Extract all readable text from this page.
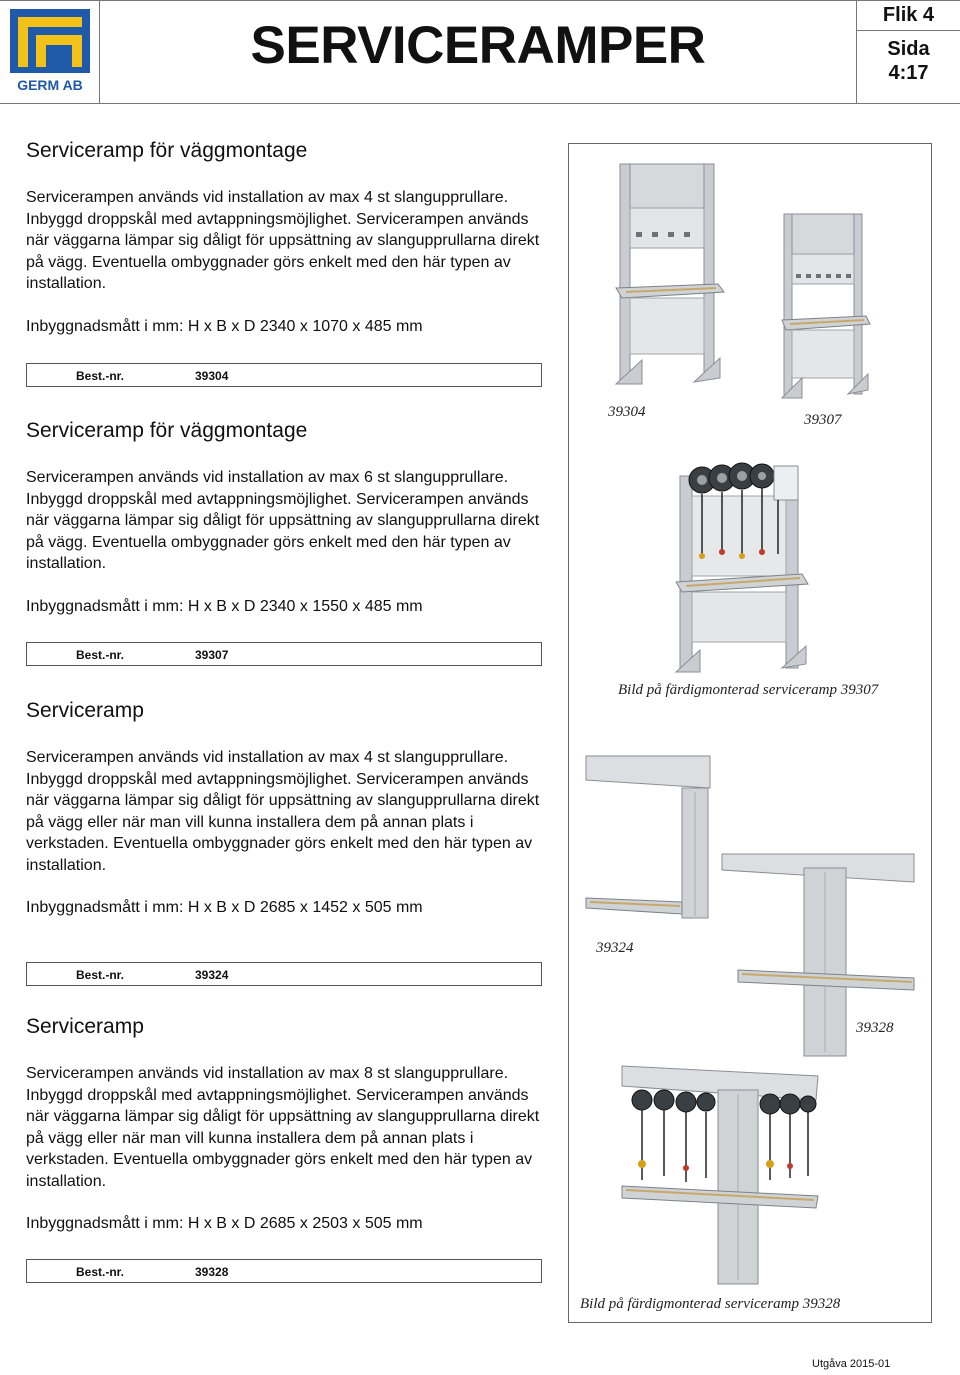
GERM AB
SERVICERAMPER
Flik 4
Sida
4:17
Serviceramp för väggmontage

Servicerampen används vid installation av max 4 st slangupprullare. Inbyggd droppskål med avtappningsmöjlighet. Servicerampen används när väggarna lämpar sig dåligt för uppsättning av slangupprullarna direkt på vägg. Eventuella ombyggnader görs enkelt med den här typen av installation.

Inbyggnadsmått i mm: H x B x D 2340 x 1070 x 485 mm

Best.-nr.	39304
Serviceramp för väggmontage

Servicerampen används vid installation av max 6 st slangupprullare. Inbyggd droppskål med avtappningsmöjlighet. Servicerampen används när väggarna lämpar sig dåligt för uppsättning av slangupprullarna direkt på vägg. Eventuella ombyggnader görs enkelt med den här typen av installation.

Inbyggnadsmått i mm: H x B x D 2340 x 1550 x 485 mm

Best.-nr.	39307
Serviceramp

Servicerampen används vid installation av max 4 st slangupprullare. Inbyggd droppskål med avtappningsmöjlighet. Servicerampen används när väggarna lämpar sig dåligt för uppsättning av slangupprullarna direkt på vägg eller när man vill kunna installera dem på annan plats i verkstaden. Eventuella ombyggnader görs enkelt med den här typen av installation.

Inbyggnadsmått i mm: H x B x D 2685 x 1452 x 505 mm

Best.-nr.	39324
Serviceramp

Servicerampen används vid installation av max 8 st slangupprullare. Inbyggd droppskål med avtappningsmöjlighet. Servicerampen används när väggarna lämpar sig dåligt för uppsättning av slangupprullarna direkt på vägg eller när man vill kunna installera dem på annan plats i verkstaden. Eventuella ombyggnader görs enkelt med den här typen av installation.

Inbyggnadsmått i mm: H x B x D 2685 x 2503 x 505 mm

Best.-nr.	39328
39304	39307
Bild på färdigmonterad serviceramp 39307
39324
39328
Bild på färdigmonterad serviceramp 39328
Utgåva 2015-01
